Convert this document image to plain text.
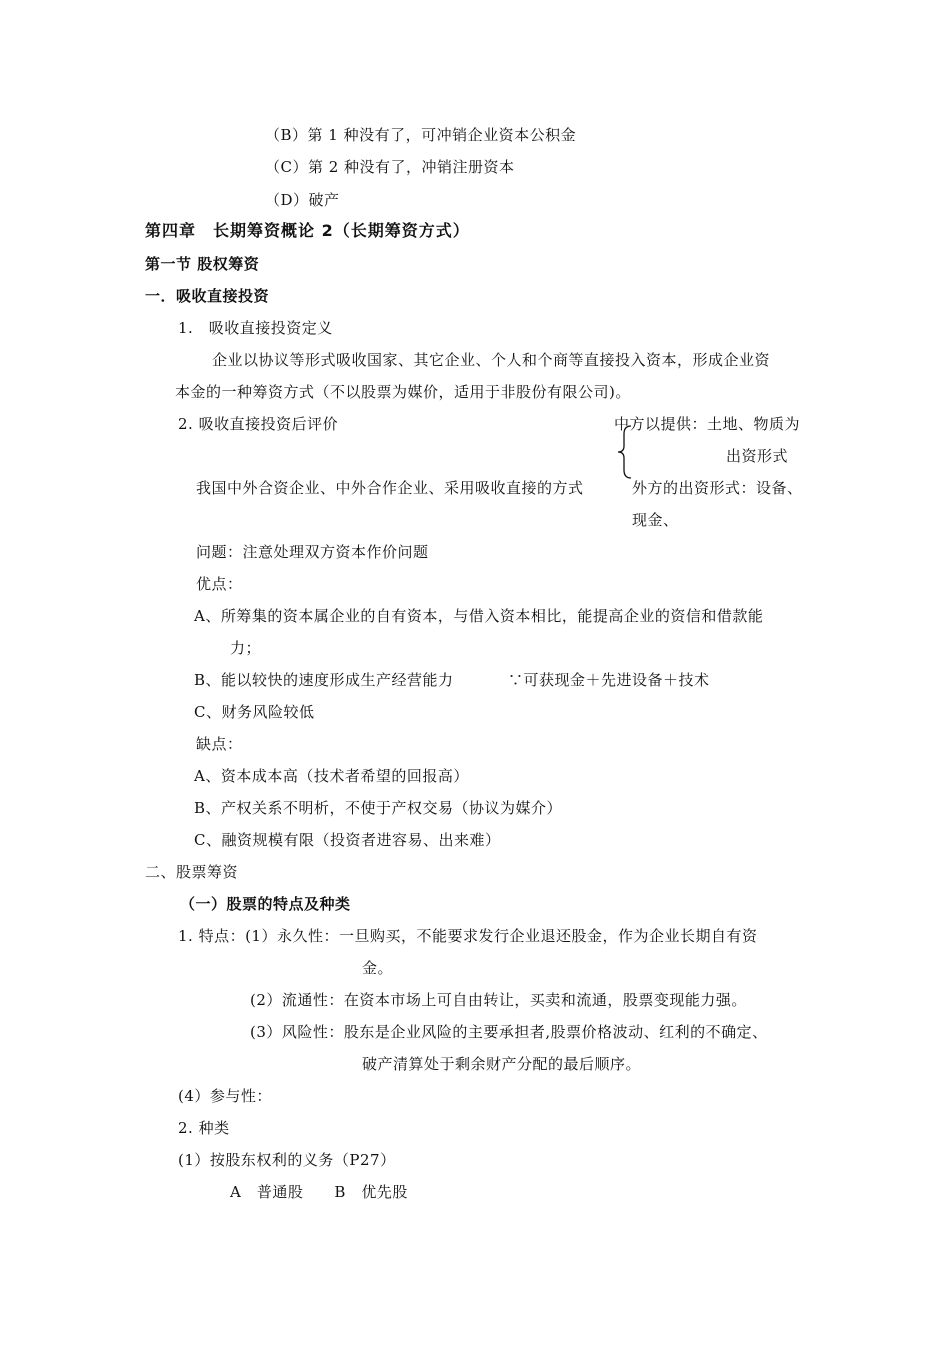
（B）第 1 种没有了，可冲销企业资本公积金
（C）第 2 种没有了，冲销注册资本
（D）破产
第四章　长期筹资概论 2（长期筹资方式）
第一节 股权筹资
一．吸收直接投资
1.　吸收直接投资定义
企业以协议等形式吸收国家、其它企业、个人和个商等直接投入资本，形成企业资
本金的一种筹资方式（不以股票为媒价，适用于非股份有限公司)。
2. 吸收直接投资后评价	中方以提供：土地、物质为
出资形式
我国中外合资企业、中外合作企业、采用吸收直接的方式	外方的出资形式：设备、
现金、
问题：注意处理双方资本作价问题
优点：
A、所筹集的资本属企业的自有资本，与借入资本相比，能提高企业的资信和借款能
力；
B、能以较快的速度形成生产经营能力	∵可获现金＋先进设备＋技术
C、财务风险较低
缺点：
A、资本成本高（技术者希望的回报高）
B、产权关系不明析，不使于产权交易（协议为媒介）
C、融资规模有限（投资者进容易、出来难）
二、股票筹资
（一）股票的特点及种类
1. 特点：(1）永久性：一旦购买，不能要求发行企业退还股金，作为企业长期自有资
金。
(2）流通性：在资本市场上可自由转让，买卖和流通，股票变现能力强。
(3）风险性：股东是企业风险的主要承担者,股票价格波动、红利的不确定、
破产清算处于剩余财产分配的最后顺序。
(4）参与性：
2. 种类
(1）按股东权利的义务（P27）
A　普通股　　B　优先股
